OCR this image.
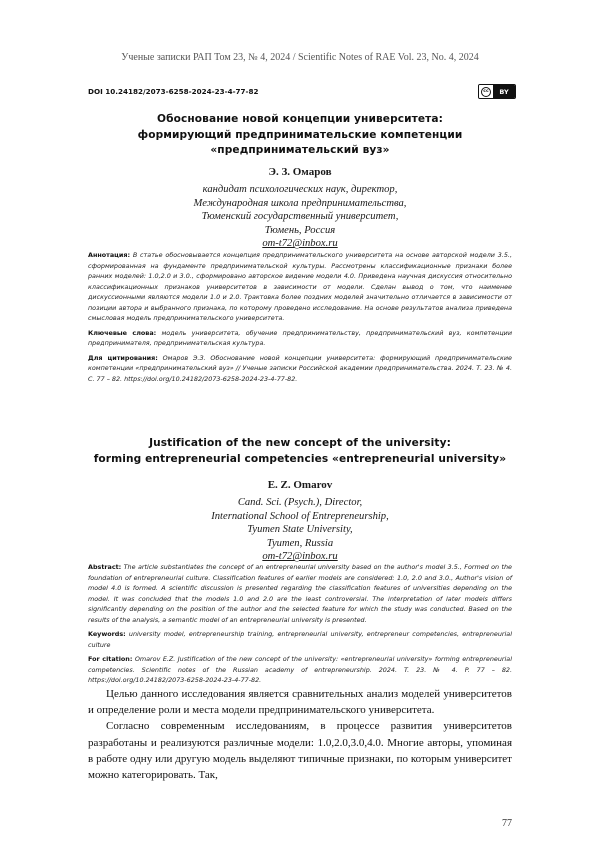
Ученые записки РАП Том 23, № 4, 2024 / Scientific Notes of RAE Vol. 23, No. 4, 2024
DOI 10.24182/2073-6258-2024-23-4-77-82	cc	BY
Обоснование новой концепции университета:
формирующий предпринимательские компетенции
«предпринимательский вуз»
Э. З. Омаров
кандидат психологических наук, директор,
Международная школа предпринимательства,
Тюменский государственный университет,
Тюмень, Россия
om-t72@inbox.ru

Аннотация: В статье обосновывается концепция предпринимательского университета на основе авторской модели 3.5., сформированная на фундаменте предпринимательской культуры. Рассмотрены классификационные признаки более ранних моделей: 1.0,2.0 и 3.0., сформировано авторское видение модели 4.0. Приведена научная дискуссия относительно классификационных признаков университетов в зависимости от модели. Сделан вывод о том, что наименее дискуссионными являются модели 1.0 и 2.0. Трактовка более поздних моделей значительно отличается в зависимости от позиции автора и выбранного признака, по которому проведено исследование. На основе результатов анализа приведена смысловая модель предпринимательского университета.

Ключевые слова: модель университета, обучение предпринимательству, предпринимательский вуз, компетенции предпринимателя, предпринимательская культура.

Для цитирования: Омаров Э.З. Обоснование новой концепции университета: формирующий предпринимательские компетенции «предпринимательский вуз» // Ученые записки Российской академии предпринимательства. 2024. Т. 23. № 4. С. 77 – 82. https://doi.org/10.24182/2073-6258-2024-23-4-77-82.

Justification of the new concept of the university:
forming entrepreneurial competencies «entrepreneurial university»
E. Z. Omarov
Cand. Sci. (Psych.), Director,
International School of Entrepreneurship,
Tyumen State University,
Tyumen, Russia
om-t72@inbox.ru

Abstract: The article substantiates the concept of an entrepreneurial university based on the author's model 3.5., Formed on the foundation of entrepreneurial culture. Classification features of earlier models are considered: 1.0, 2.0 and 3.0., Author's vision of model 4.0 is formed. A scientific discussion is presented regarding the classification features of universities depending on the model. It was concluded that the models 1.0 and 2.0 are the least controversial. The interpretation of later models differs significantly depending on the position of the author and the selected feature for which the study was conducted. Based on the results of the analysis, a semantic model of an entrepreneurial university is presented.

Keywords: university model, entrepreneurship training, entrepreneurial university, entrepreneur competencies, entrepreneurial culture

For citation: Omarov E.Z. Justification of the new concept of the university: «entrepreneurial university» forming entrepreneurial competencies. Scientific notes of the Russian academy of entrepreneurship. 2024. T. 23. № 4. P. 77 – 82. https://doi.org/10.24182/2073-6258-2024-23-4-77-82.

Целью данного исследования является сравнительных анализ моделей университетов и определение роли и места модели предпринимательского университета.

Согласно современным исследованиям, в процессе развития университетов разработаны и реализуются различные модели: 1.0,2.0,3.0,4.0. Многие авторы, упоминая в работе одну или другую модель выделяют типичные признаки, по которым университет можно категорировать. Так,

77
